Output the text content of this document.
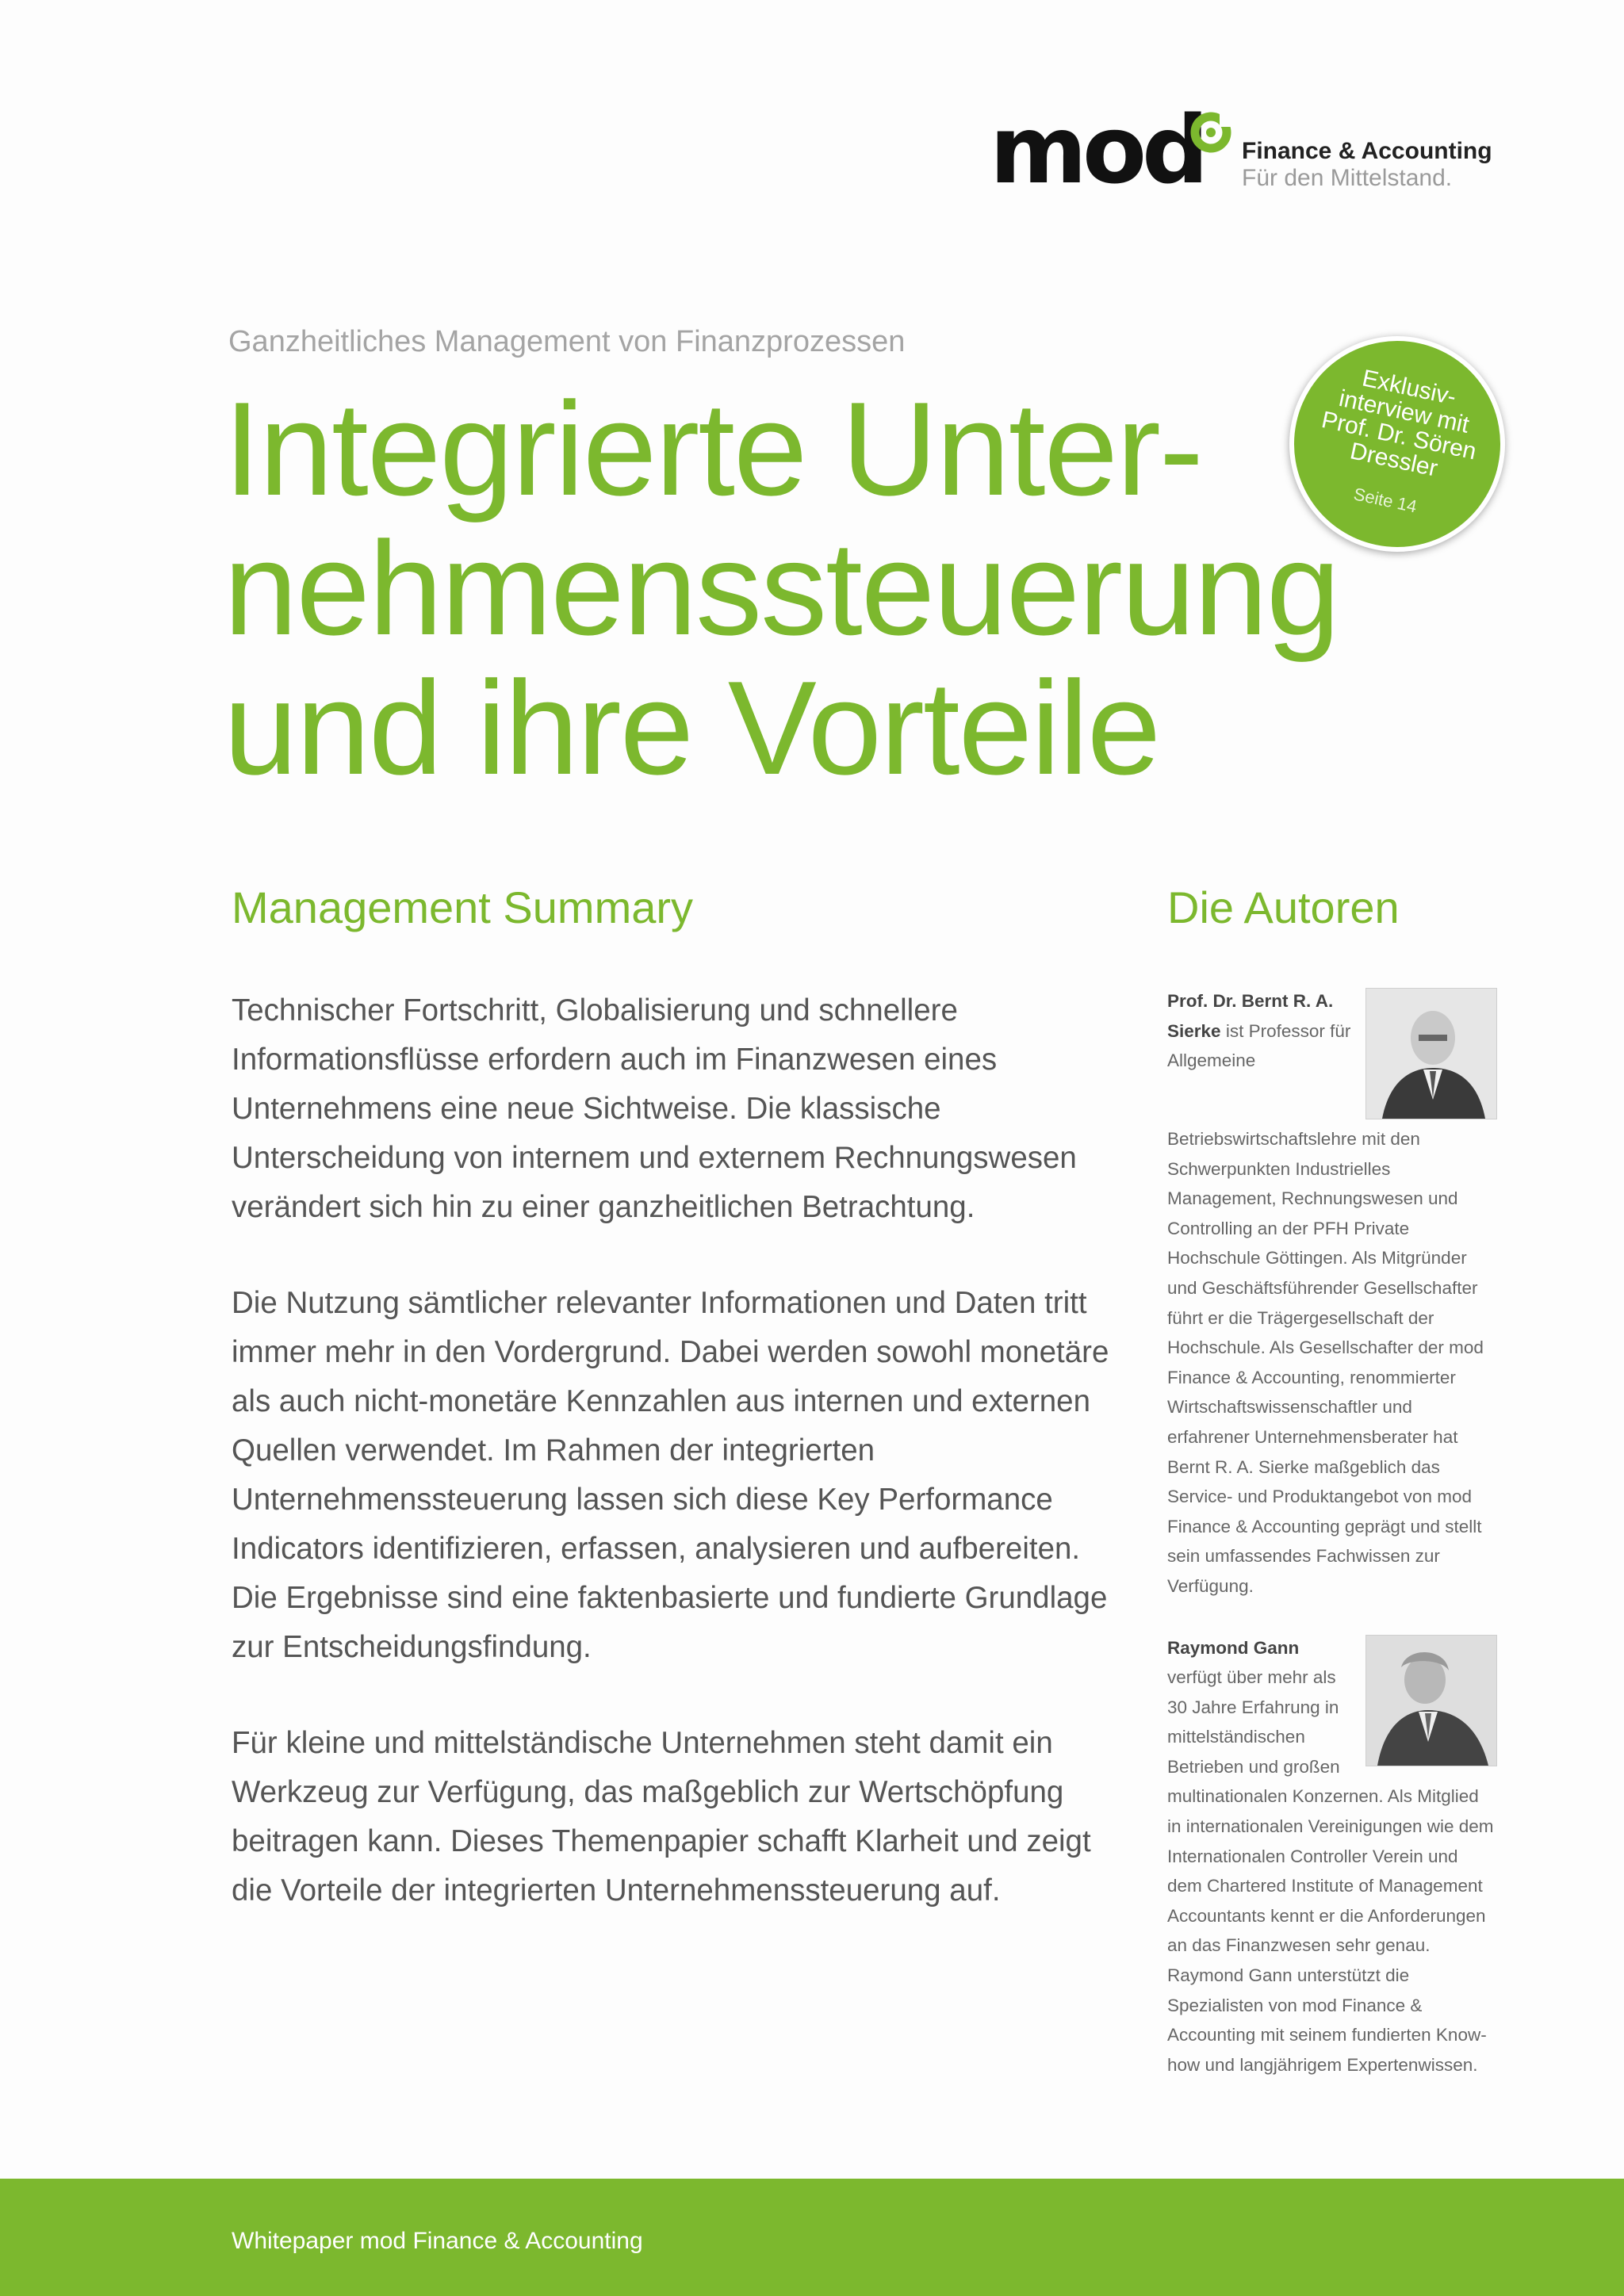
mod Finance & Accounting
Für den Mittelstand.
Ganzheitliches Management von Finanzprozessen
Integrierte Unter-
nehmenssteuerung
und ihre Vorteile
Exklusiv-interview mit Prof. Dr. Sören Dressler
Seite 14
Management Summary

Technischer Fortschritt, Globalisierung und schnellere Informationsflüsse erfordern auch im Finanzwesen eines Unternehmens eine neue Sichtweise. Die klassische Unterscheidung von internem und externem Rechnungswesen verändert sich hin zu einer ganzheitlichen Betrachtung.

Die Nutzung sämtlicher relevanter Informationen und Daten tritt immer mehr in den Vordergrund. Dabei werden sowohl monetäre als auch nicht-monetäre Kennzahlen aus internen und externen Quellen verwendet. Im Rahmen der integrierten Unternehmenssteuerung lassen sich diese Key Performance Indicators identifizieren, erfassen, analysieren und aufbereiten. Die Ergebnisse sind eine faktenbasierte und fundierte Grundlage zur Entscheidungsfindung.

Für kleine und mittelständische Unternehmen steht damit ein Werkzeug zur Verfügung, das maßgeblich zur Wertschöpfung beitragen kann. Dieses Themenpapier schafft Klarheit und zeigt die Vorteile der integrierten Unternehmenssteuerung auf.

Die Autoren
Prof. Dr. Bernt R. A. Sierke ist Professor für Allgemeine Betriebswirtschaftslehre mit den Schwerpunkten Industrielles Management, Rechnungswesen und Controlling an der PFH Private Hochschule Göttingen. Als Mitgründer und Geschäftsführender Gesellschafter führt er die Trägergesellschaft der Hochschule. Als Gesellschafter der mod Finance & Accounting, renommierter Wirtschaftswissenschaftler und erfahrener Unternehmensberater hat Bernt R. A. Sierke maßgeblich das Service- und Produktangebot von mod Finance & Accounting geprägt und stellt sein umfassendes Fachwissen zur Verfügung.
Raymond Gann verfügt über mehr als 30 Jahre Erfahrung in mittelständischen Betrieben und großen multinationalen Konzernen. Als Mitglied in internationalen Vereinigungen wie dem Internationalen Controller Verein und dem Chartered Institute of Management Accountants kennt er die Anforderungen an das Finanzwesen sehr genau. Raymond Gann unterstützt die Spezialisten von mod Finance & Accounting mit seinem fundierten Know-how und langjährigem Expertenwissen.
Whitepaper mod Finance & Accounting
